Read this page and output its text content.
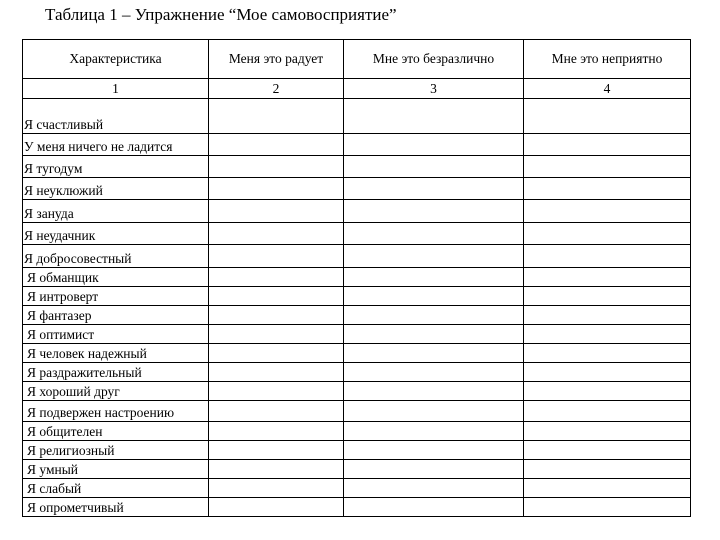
Таблица 1 – Упражнение “Мое самовосприятие”
Характеристика	Меня это радует	Мне это безразлично	Мне это неприятно
1	2	3	4
Я счастливый			
У меня ничего не ладится			
Я тугодум			
Я неуклюжий			
Я зануда			
Я неудачник			
Я добросовестный			
Я обманщик			
Я интроверт			
Я фантазер			
Я оптимист			
Я человек надежный			
Я раздражительный			
Я хороший друг			
Я подвержен настроению			
Я общителен			
Я религиозный			
Я умный			
Я слабый			
Я опрометчивый			
